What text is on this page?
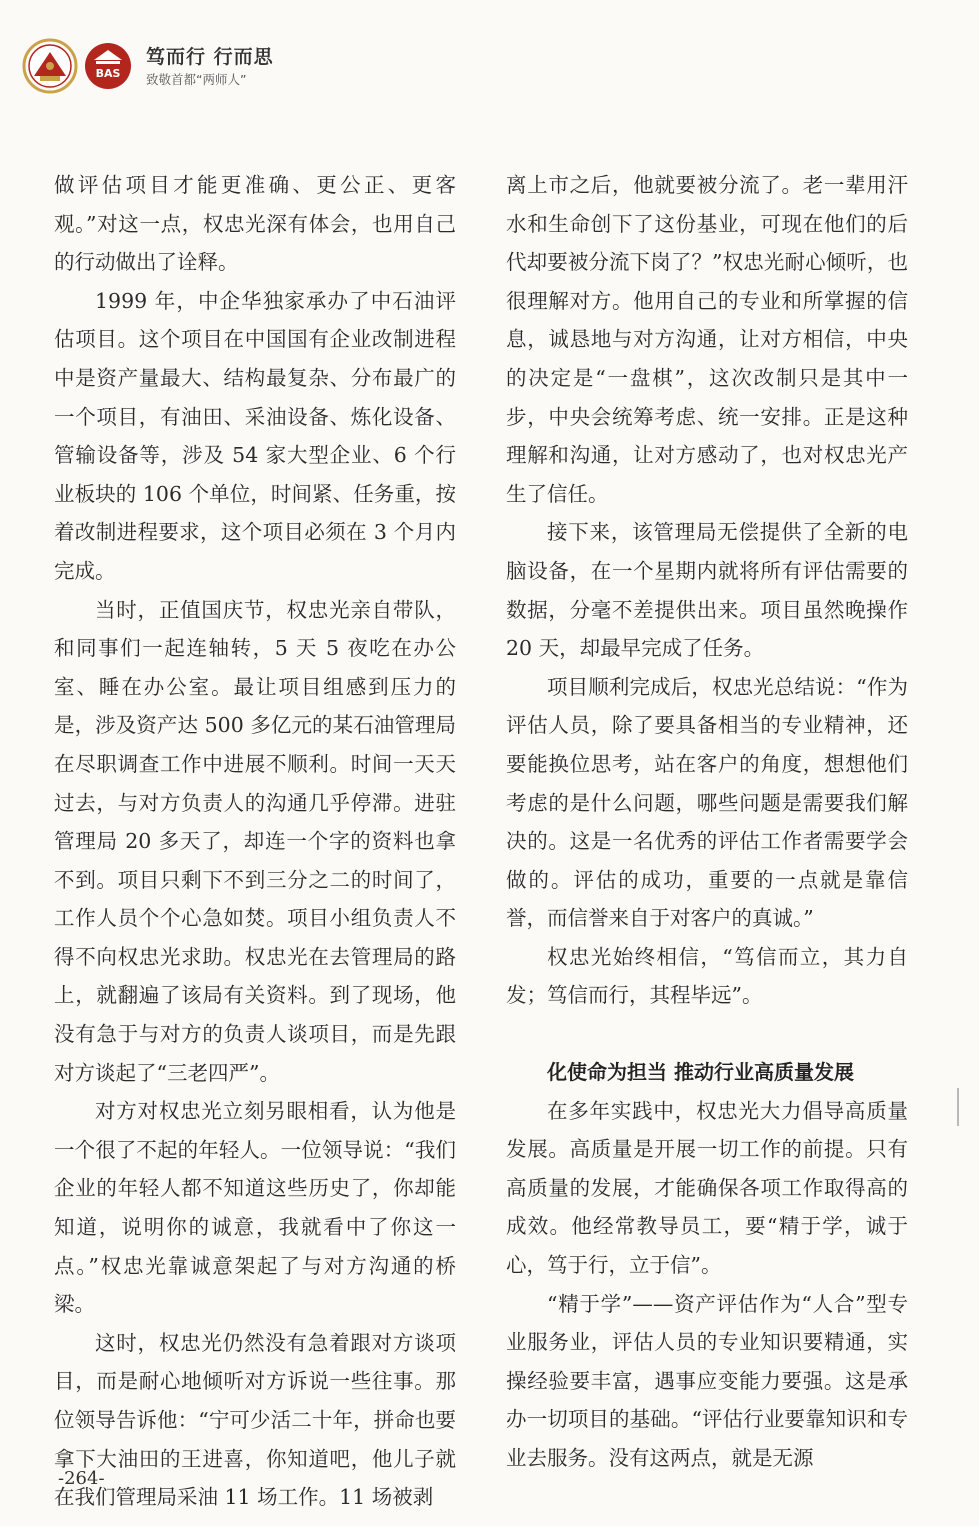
BAS
笃而行 行而思
致敬首都“两师人”

做评估项目才能更准确、更公正、更客观。”对这一点，权忠光深有体会，也用自己的行动做出了诠释。

1999 年，中企华独家承办了中石油评估项目。这个项目在中国国有企业改制进程中是资产量最大、结构最复杂、分布最广的一个项目，有油田、采油设备、炼化设备、管输设备等，涉及 54 家大型企业、6 个行业板块的 106 个单位，时间紧、任务重，按着改制进程要求，这个项目必须在 3 个月内完成。

当时，正值国庆节，权忠光亲自带队，和同事们一起连轴转，5 天 5 夜吃在办公室、睡在办公室。最让项目组感到压力的是，涉及资产达 500 多亿元的某石油管理局在尽职调查工作中进展不顺利。时间一天天过去，与对方负责人的沟通几乎停滞。进驻管理局 20 多天了，却连一个字的资料也拿不到。项目只剩下不到三分之二的时间了，工作人员个个心急如焚。项目小组负责人不得不向权忠光求助。权忠光在去管理局的路上，就翻遍了该局有关资料。到了现场，他没有急于与对方的负责人谈项目，而是先跟对方谈起了“三老四严”。

对方对权忠光立刻另眼相看，认为他是一个很了不起的年轻人。一位领导说：“我们企业的年轻人都不知道这些历史了，你却能知道，说明你的诚意，我就看中了你这一点。”权忠光靠诚意架起了与对方沟通的桥梁。

这时，权忠光仍然没有急着跟对方谈项目，而是耐心地倾听对方诉说一些往事。那位领导告诉他：“宁可少活二十年，拼命也要拿下大油田的王进喜，你知道吧，他儿子就在我们管理局采油 11 场工作。11 场被剥

离上市之后，他就要被分流了。老一辈用汗水和生命创下了这份基业，可现在他们的后代却要被分流下岗了？”权忠光耐心倾听，也很理解对方。他用自己的专业和所掌握的信息，诚恳地与对方沟通，让对方相信，中央的决定是“一盘棋”，这次改制只是其中一步，中央会统筹考虑、统一安排。正是这种理解和沟通，让对方感动了，也对权忠光产生了信任。

接下来，该管理局无偿提供了全新的电脑设备，在一个星期内就将所有评估需要的数据，分毫不差提供出来。项目虽然晚操作 20 天，却最早完成了任务。

项目顺利完成后，权忠光总结说：“作为评估人员，除了要具备相当的专业精神，还要能换位思考，站在客户的角度，想想他们考虑的是什么问题，哪些问题是需要我们解决的。这是一名优秀的评估工作者需要学会做的。评估的成功，重要的一点就是靠信誉，而信誉来自于对客户的真诚。”

权忠光始终相信，“笃信而立，其力自发；笃信而行，其程毕远”。

化使命为担当 推动行业高质量发展

在多年实践中，权忠光大力倡导高质量发展。高质量是开展一切工作的前提。只有高质量的发展，才能确保各项工作取得高的成效。他经常教导员工，要“精于学，诚于心，笃于行，立于信”。

“精于学”——资产评估作为“人合”型专业服务业，评估人员的专业知识要精通，实操经验要丰富，遇事应变能力要强。这是承办一切项目的基础。“评估行业要靠知识和专业去服务。没有这两点，就是无源

-264-
